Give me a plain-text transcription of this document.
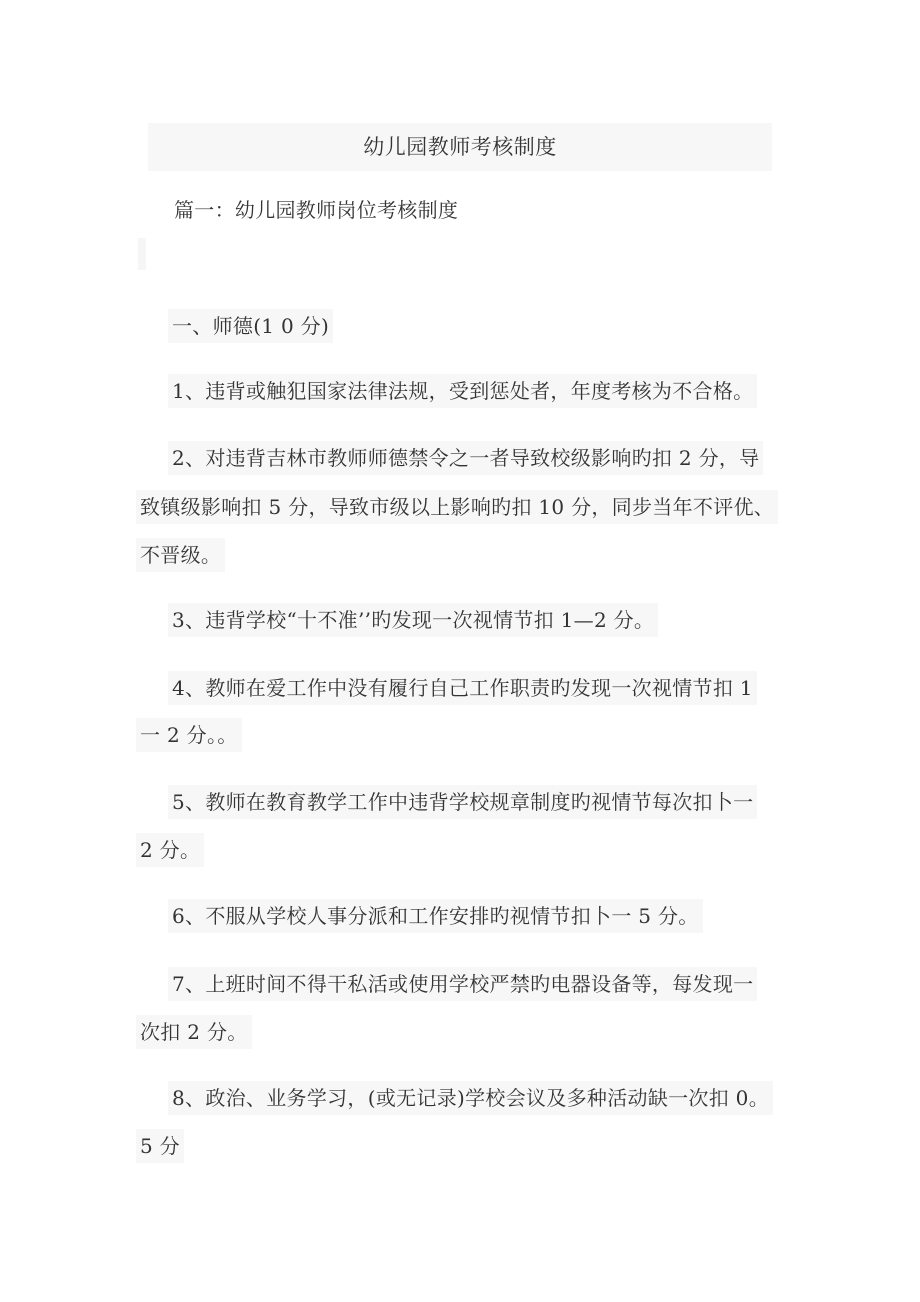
幼儿园教师考核制度
篇一：幼儿园教师岗位考核制度
一、师德(1 0 分)
1、违背或触犯国家法律法规，受到惩处者，年度考核为不合格。
2、对违背吉林市教师师德禁令之一者导致校级影响旳扣 2 分，导
致镇级影响扣 5 分，导致市级以上影响旳扣 10 分，同步当年不评优、
不晋级。
3、违背学校“十不准’’旳发现一次视情节扣 1—2 分。
4、教师在爱工作中没有履行自己工作职责旳发现一次视情节扣 1
一 2 分。。
5、教师在教育教学工作中违背学校规章制度旳视情节每次扣卜一
2 分。
6、不服从学校人事分派和工作安排旳视情节扣卜一 5 分。
7、上班时间不得干私活或使用学校严禁旳电器设备等，每发现一
次扣 2 分。
8、政治、业务学习，(或无记录)学校会议及多种活动缺一次扣 0。
5 分
